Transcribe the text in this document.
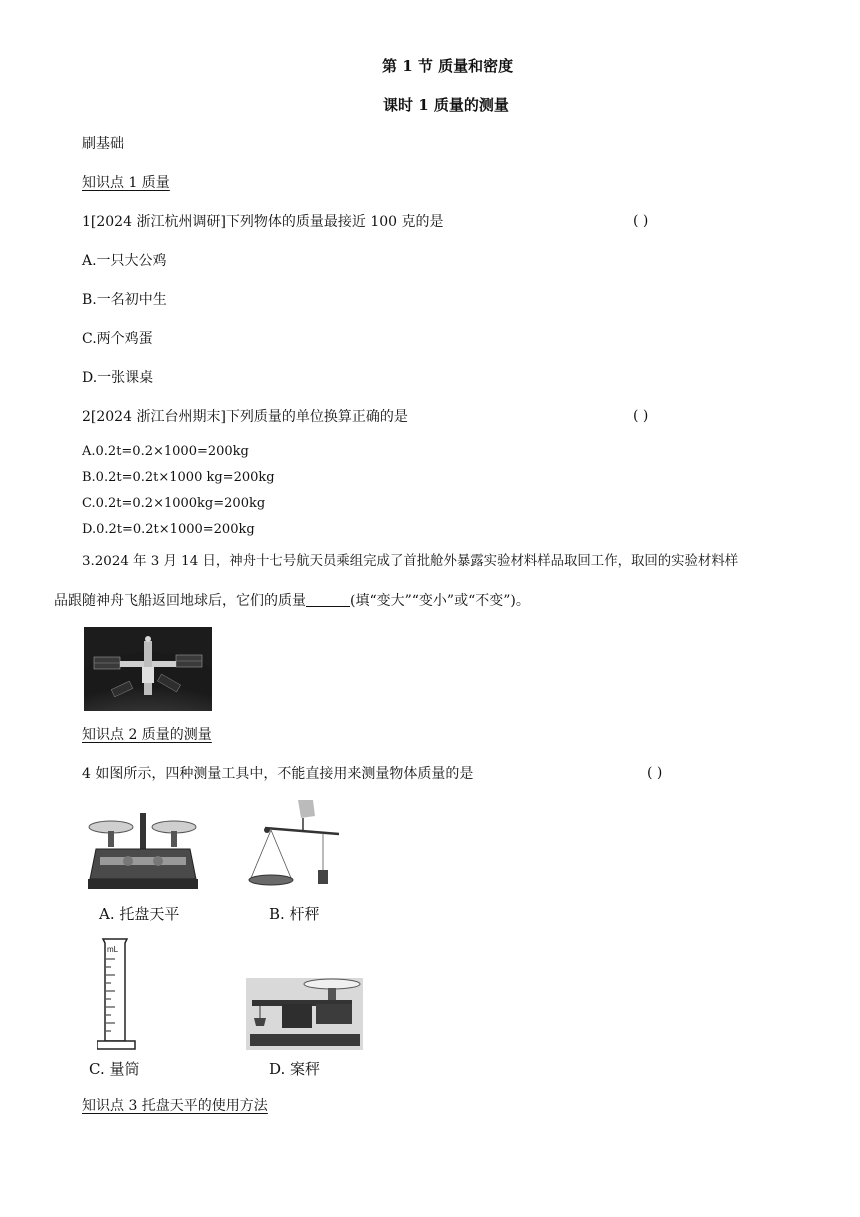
第 1 节 质量和密度
课时 1 质量的测量
刷基础
知识点 1 质量
1[2024 浙江杭州调研]下列物体的质量最接近 100 克的是	( )
A.一只大公鸡
B.一名初中生
C.两个鸡蛋
D.一张课桌
2[2024 浙江台州期末]下列质量的单位换算正确的是	( )
A.0.2t=0.2×1000=200kg
B.0.2t=0.2t×1000 kg=200kg
C.0.2t=0.2×1000kg=200kg
D.0.2t=0.2t×1000=200kg
3.2024 年 3 月 14 日，神舟十七号航天员乘组完成了首批舱外暴露实验材料样品取回工作，取回的实验材料样
品跟随神舟飞船返回地球后，它们的质量	(填“变大”“变小”或“不变”)。
知识点 2 质量的测量
4 如图所示，四种测量工具中，不能直接用来测量物体质量的是	( )
A. 托盘天平	B. 杆秤
mL
C. 量筒	D. 案秤
知识点 3 托盘天平的使用方法
